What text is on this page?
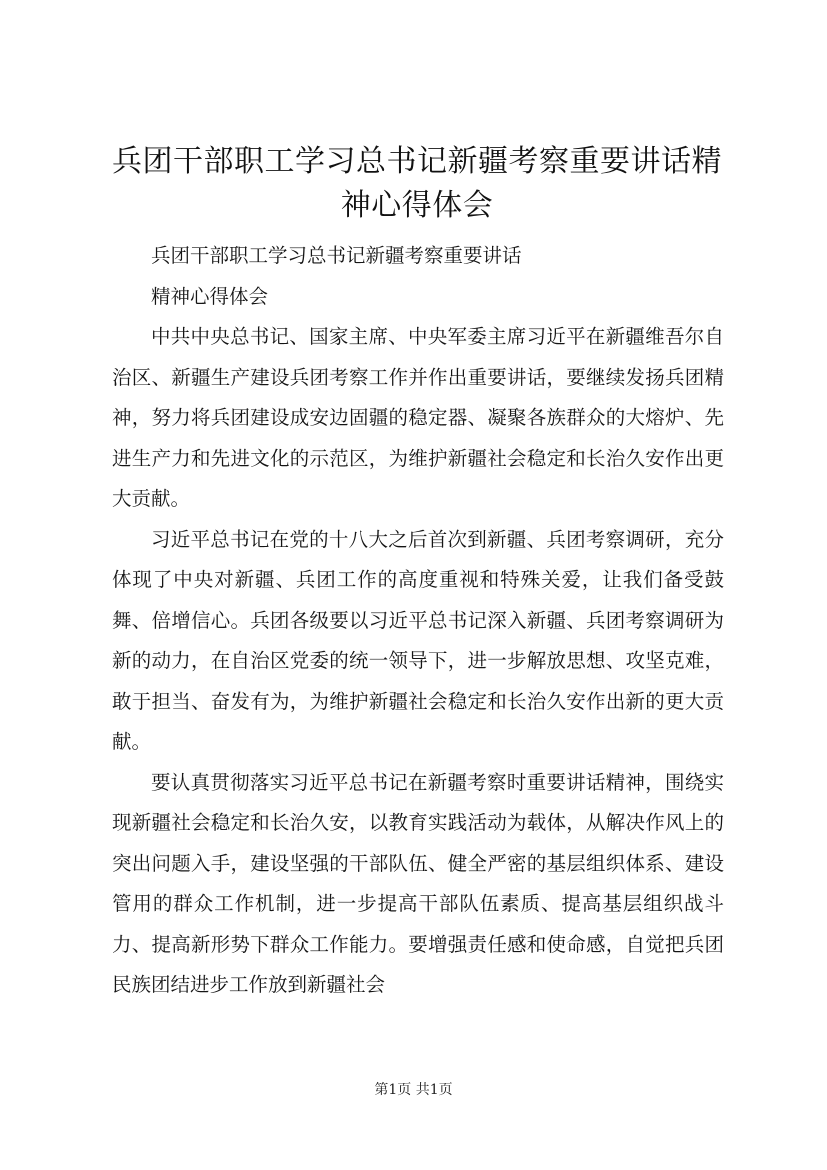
兵团干部职工学习总书记新疆考察重要讲话精神心得体会

兵团干部职工学习总书记新疆考察重要讲话

精神心得体会

中共中央总书记、国家主席、中央军委主席习近平在新疆维吾尔自治区、新疆生产建设兵团考察工作并作出重要讲话，要继续发扬兵团精神，努力将兵团建设成安边固疆的稳定器、凝聚各族群众的大熔炉、先进生产力和先进文化的示范区，为维护新疆社会稳定和长治久安作出更大贡献。

习近平总书记在党的十八大之后首次到新疆、兵团考察调研，充分体现了中央对新疆、兵团工作的高度重视和特殊关爱，让我们备受鼓舞、倍增信心。兵团各级要以习近平总书记深入新疆、兵团考察调研为新的动力，在自治区党委的统一领导下，进一步解放思想、攻坚克难，敢于担当、奋发有为，为维护新疆社会稳定和长治久安作出新的更大贡献。

要认真贯彻落实习近平总书记在新疆考察时重要讲话精神，围绕实现新疆社会稳定和长治久安，以教育实践活动为载体，从解决作风上的突出问题入手，建设坚强的干部队伍、健全严密的基层组织体系、建设管用的群众工作机制，进一步提高干部队伍素质、提高基层组织战斗力、提高新形势下群众工作能力。要增强责任感和使命感，自觉把兵团民族团结进步工作放到新疆社会

第1页 共1页
